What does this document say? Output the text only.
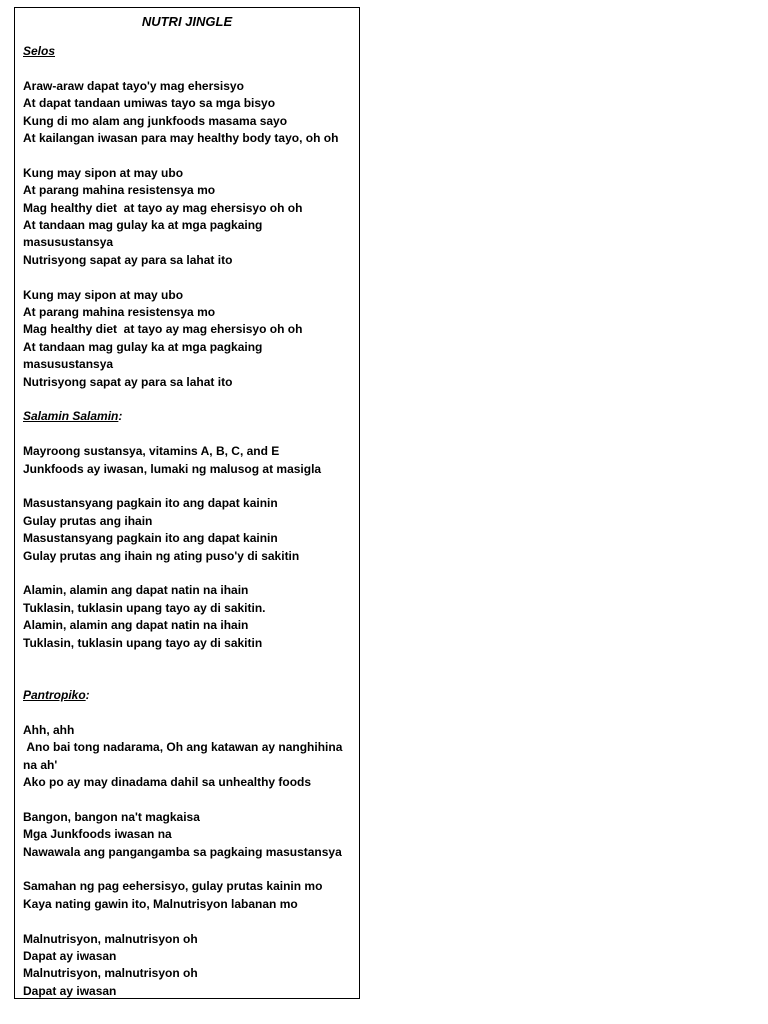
NUTRI JINGLE
Selos
Araw-araw dapat tayo'y mag ehersisyo
At dapat tandaan umiwas tayo sa mga bisyo
Kung di mo alam ang junkfoods masama sayo
At kailangan iwasan para may healthy body tayo, oh oh
Kung may sipon at may ubo
At parang mahina resistensya mo
Mag healthy diet  at tayo ay mag ehersisyo oh oh
At tandaan mag gulay ka at mga pagkaing
masusustansya
Nutrisyong sapat ay para sa lahat ito
Kung may sipon at may ubo
At parang mahina resistensya mo
Mag healthy diet  at tayo ay mag ehersisyo oh oh
At tandaan mag gulay ka at mga pagkaing
masusustansya
Nutrisyong sapat ay para sa lahat ito
Salamin Salamin:
Mayroong sustansya, vitamins A, B, C, and E
Junkfoods ay iwasan, lumaki ng malusog at masigla
Masustansyang pagkain ito ang dapat kainin
Gulay prutas ang ihain
Masustansyang pagkain ito ang dapat kainin
Gulay prutas ang ihain ng ating puso'y di sakitin
Alamin, alamin ang dapat natin na ihain
Tuklasin, tuklasin upang tayo ay di sakitin.
Alamin, alamin ang dapat natin na ihain
Tuklasin, tuklasin upang tayo ay di sakitin
Pantropiko:
Ahh, ahh
Ano bai tong nadarama, Oh ang katawan ay nanghihina
na ah'
Ako po ay may dinadama dahil sa unhealthy foods
Bangon, bangon na't magkaisa
Mga Junkfoods iwasan na
Nawawala ang pangangamba sa pagkaing masustansya
Samahan ng pag eehersisyo, gulay prutas kainin mo
Kaya nating gawin ito, Malnutrisyon labanan mo
Malnutrisyon, malnutrisyon oh
Dapat ay iwasan
Malnutrisyon, malnutrisyon oh
Dapat ay iwasan
